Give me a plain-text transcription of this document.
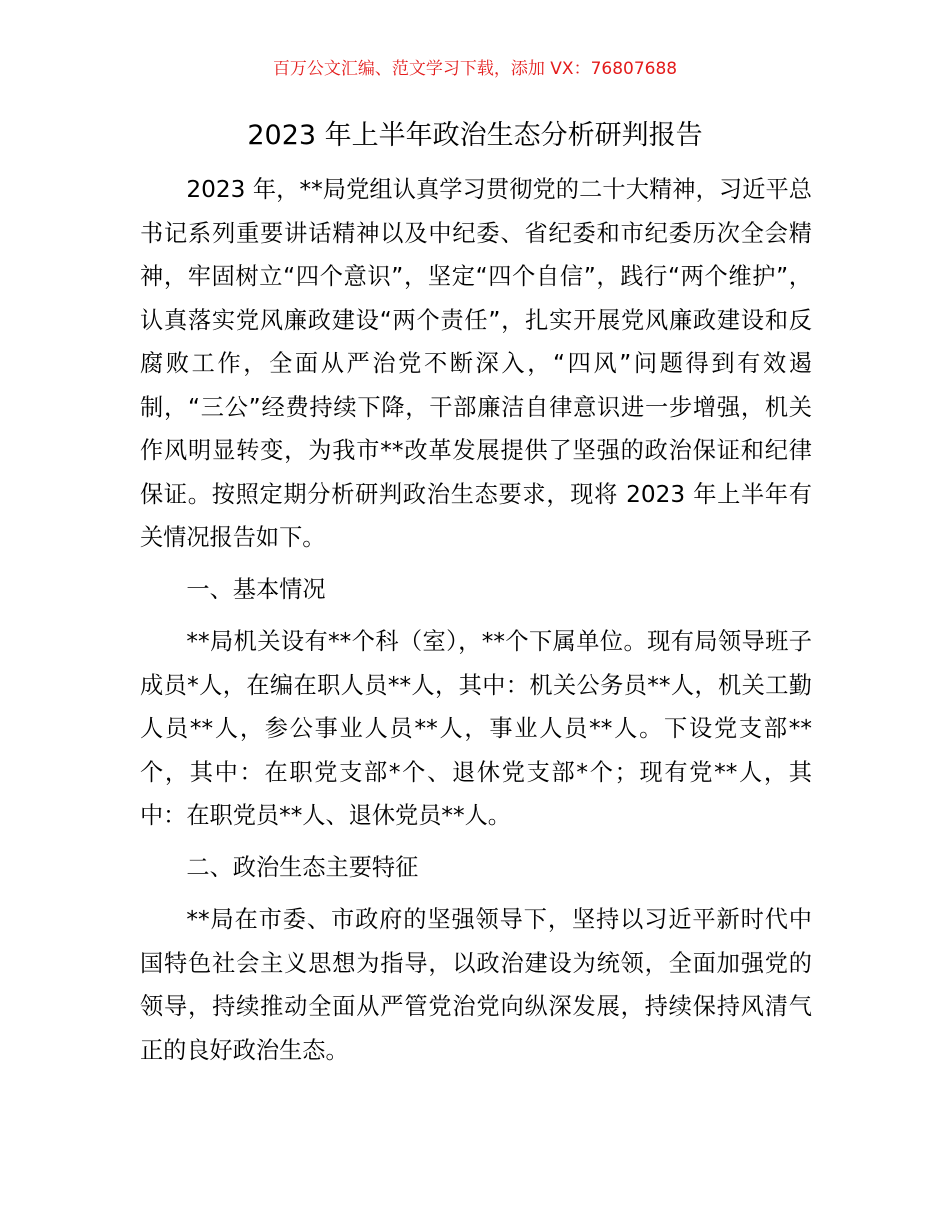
百万公文汇编、范文学习下载，添加 VX：76807688
2023 年上半年政治生态分析研判报告

2023 年，**局党组认真学习贯彻党的二十大精神，习近平总书记系列重要讲话精神以及中纪委、省纪委和市纪委历次全会精神，牢固树立“四个意识”，坚定“四个自信”，践行“两个维护”，认真落实党风廉政建设“两个责任”，扎实开展党风廉政建设和反腐败工作，全面从严治党不断深入，“四风”问题得到有效遏制，“三公”经费持续下降，干部廉洁自律意识进一步增强，机关作风明显转变，为我市**改革发展提供了坚强的政治保证和纪律保证。按照定期分析研判政治生态要求，现将 2023 年上半年有关情况报告如下。

一、基本情况

**局机关设有**个科（室），**个下属单位。现有局领导班子成员*人，在编在职人员**人，其中：机关公务员**人，机关工勤人员**人，参公事业人员**人，事业人员**人。下设党支部**个，其中：在职党支部*个、退休党支部*个；现有党**人，其中：在职党员**人、退休党员**人。

二、政治生态主要特征

**局在市委、市政府的坚强领导下，坚持以习近平新时代中国特色社会主义思想为指导，以政治建设为统领，全面加强党的领导，持续推动全面从严管党治党向纵深发展，持续保持风清气正的良好政治生态。
